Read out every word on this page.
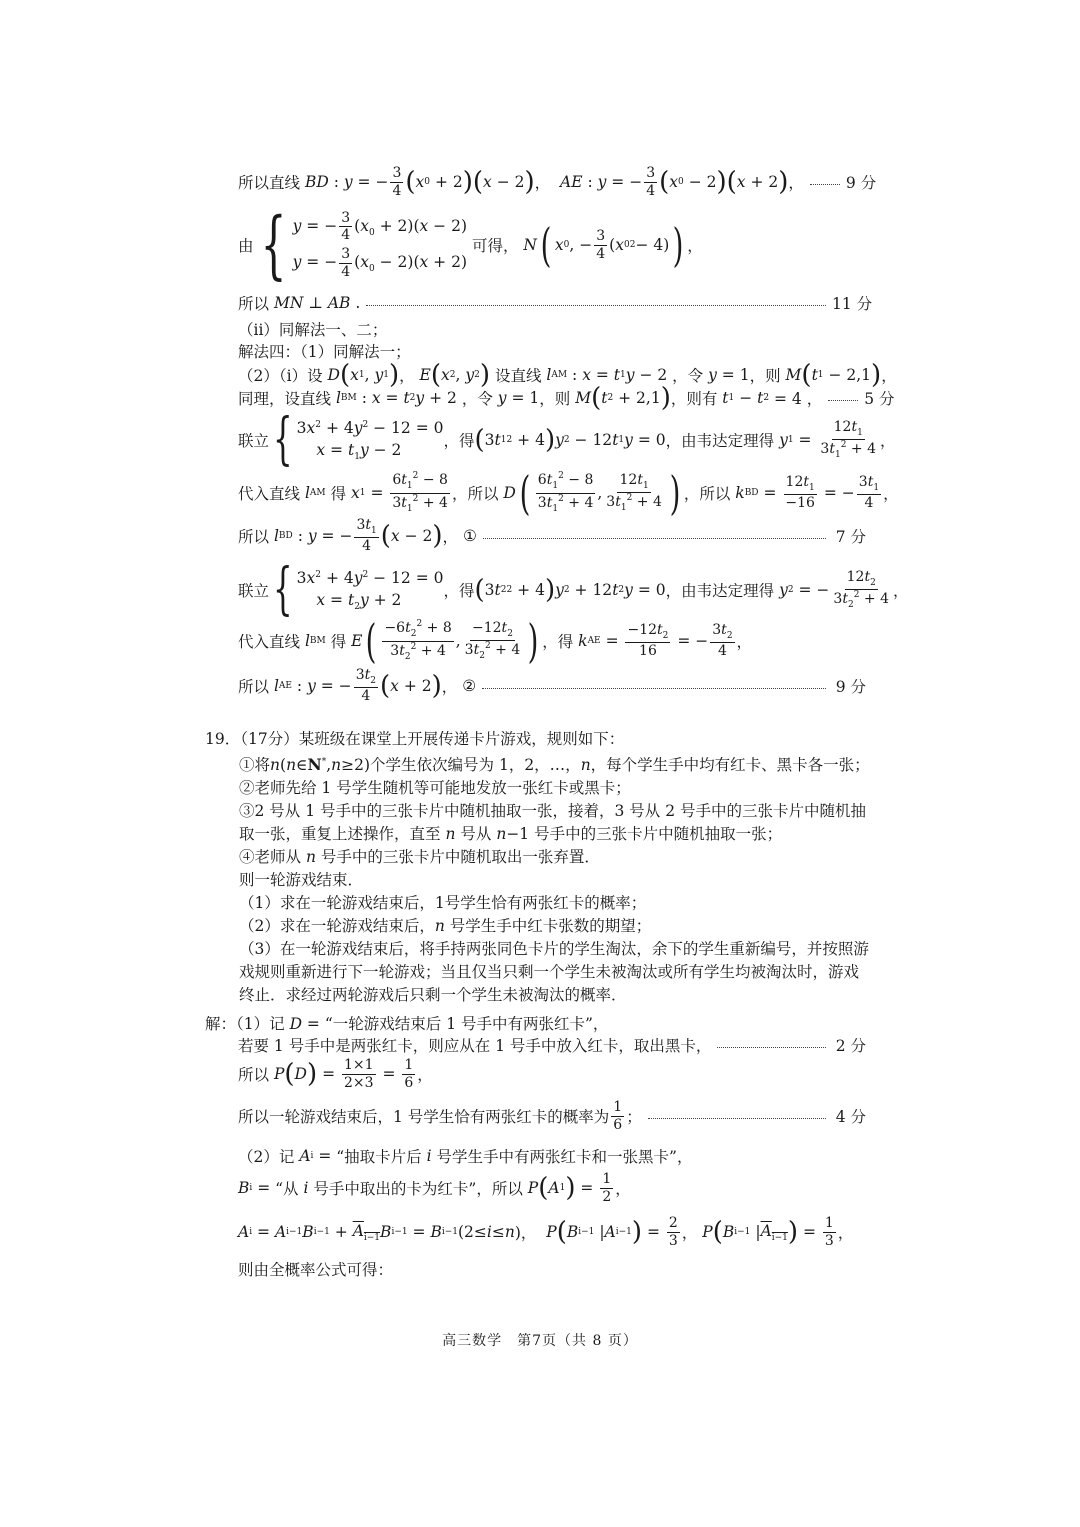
所以直线 BD : y = − $\frac{3}{4}$ ( x 0 + 2 ) ( x − 2 ) ， AE : y = − $\frac{3}{4}$ ( x 0 − 2 ) ( x + 2 ) ，	9 分
由 { y = − $\frac{3}{4} (x_0 + 2)(x - 2)$
y = − $\frac{3}{4} (x_0 - 2)(x + 2)$

可得，
N ( x 0 , − $\frac{3}{4}$ ( x 0 2 − 4) ) ，
所以
MN ⊥ AB .	11 分
（ii）同解法一、二；
解法四：（1）同解法一；
（2）（i）设
D ( x 1 , y 1 ) ， E ( x 2 , y 2 )
设直线
l AM : x = t 1 y − 2 ，令
y = 1 ，则
M ( t 1 − 2,1 ) ，
同理，设直线
l BM : x = t 2 y + 2 ，令
y = 1 ，则
M ( t 2 + 2,1 ) ，则有
t 1 − t 2 = 4 ，	5 分
联立 { $3x^2 + 4y^2 - 12 = 0$
$x = t_1y - 2$	，得 ( 3 t 1 2 + 4 ) y 2 − 12 t 1 y = 0 ，由韦达定理得
y $1 = \frac{12t_1}{3t_1^2 + 4}$ ，
代入直线
l AM
得
x $1 = \frac{6t_1^2 - 8}{3t_1^2 + 4}$ ，所以
D ( $\frac{6t_1^2 - 8}{3t_1^2 + 4}$ , $\frac{12t_1}{3t_1^2 + 4}$ ) ，所以
k BD = $\frac{12t_1}{-16}$ = − $\frac{3t_1}{4}$ ，
所以
l BD : y = − $\frac{3t_1}{4}$ ( x − 2 ) ， ①	7 分
联立 { $3x^2 + 4y^2 - 12 = 0$
$x = t_2y + 2$	，得 ( 3 t 2 2 + 4 ) y 2 + 12 t 2 y = 0 ，由韦达定理得
y 2 = − $\frac{12t_2}{3t_2^2 + 4}$ ，
代入直线
l BM
得
E ( $\frac{-6t_2^2 + 8}{3t_2^2 + 4}$ , $\frac{-12t_2}{3t_2^2 + 4}$ ) ，得
k AE = $\frac{-12t_2}{16}$ = − $\frac{3t_2}{4}$ ，
所以
l AE : y = − $\frac{3t_2}{4}$ ( x + 2 ) ， ②	9 分
19．（17分）某班级在课堂上开展传递卡片游戏，规则如下：
①将n(n∈N*,n≥2)个学生依次编号为 1，2，…，n，每个学生手中均有红卡、黑卡各一张；
②老师先给 1 号学生随机等可能地发放一张红卡或黑卡；
③2 号从 1 号手中的三张卡片中随机抽取一张，接着，3 号从 2 号手中的三张卡片中随机抽取一张，重复上述操作，直至 n 号从 n−1 号手中的三张卡片中随机抽取一张；
④老师从 n 号手中的三张卡片中随机取出一张弃置．
则一轮游戏结束．
（1）求在一轮游戏结束后，1号学生恰有两张红卡的概率；
（2）求在一轮游戏结束后，n 号学生手中红卡张数的期望；
（3）在一轮游戏结束后，将手持两张同色卡片的学生淘汰，余下的学生重新编号，并按照游戏规则重新进行下一轮游戏；当且仅当只剩一个学生未被淘汰或所有学生均被淘汰时，游戏终止．求经过两轮游戏后只剩一个学生未被淘汰的概率．
解：（1）记 D = “一轮游戏结束后 1 号手中有两张红卡”，
若要 1 号手中是两张红卡，则应从在 1 号手中放入红卡，取出黑卡，	2 分
所以
P ( D ) = $\frac{1\times 1}{2\times 3} = \frac{1}{6}$ ，
所以一轮游戏结束后，1 号学生恰有两张红卡的概率为 $\frac{1}{6}$ ；	4 分
（2）记
A i = “抽取卡片后
i
号学生手中有两张红卡和一张黑卡”，
B i = “从
i
号手中取出的卡为红卡”，所以
P ( A 1 ) = $\frac{1}{2}$ ，
A i = A i−1 B $i-1 + A_{i-1}$ B i−1 = B i−1 (2≤ i ≤ n )， P ( B i−1 | A i−1 ) = $\frac{2}{3}$ ， P ( B i−1 | $A_{i-1}$ ) = $\frac{1}{3}$ ，
则由全概率公式可得：
高三数学　第7页（共 8 页）
